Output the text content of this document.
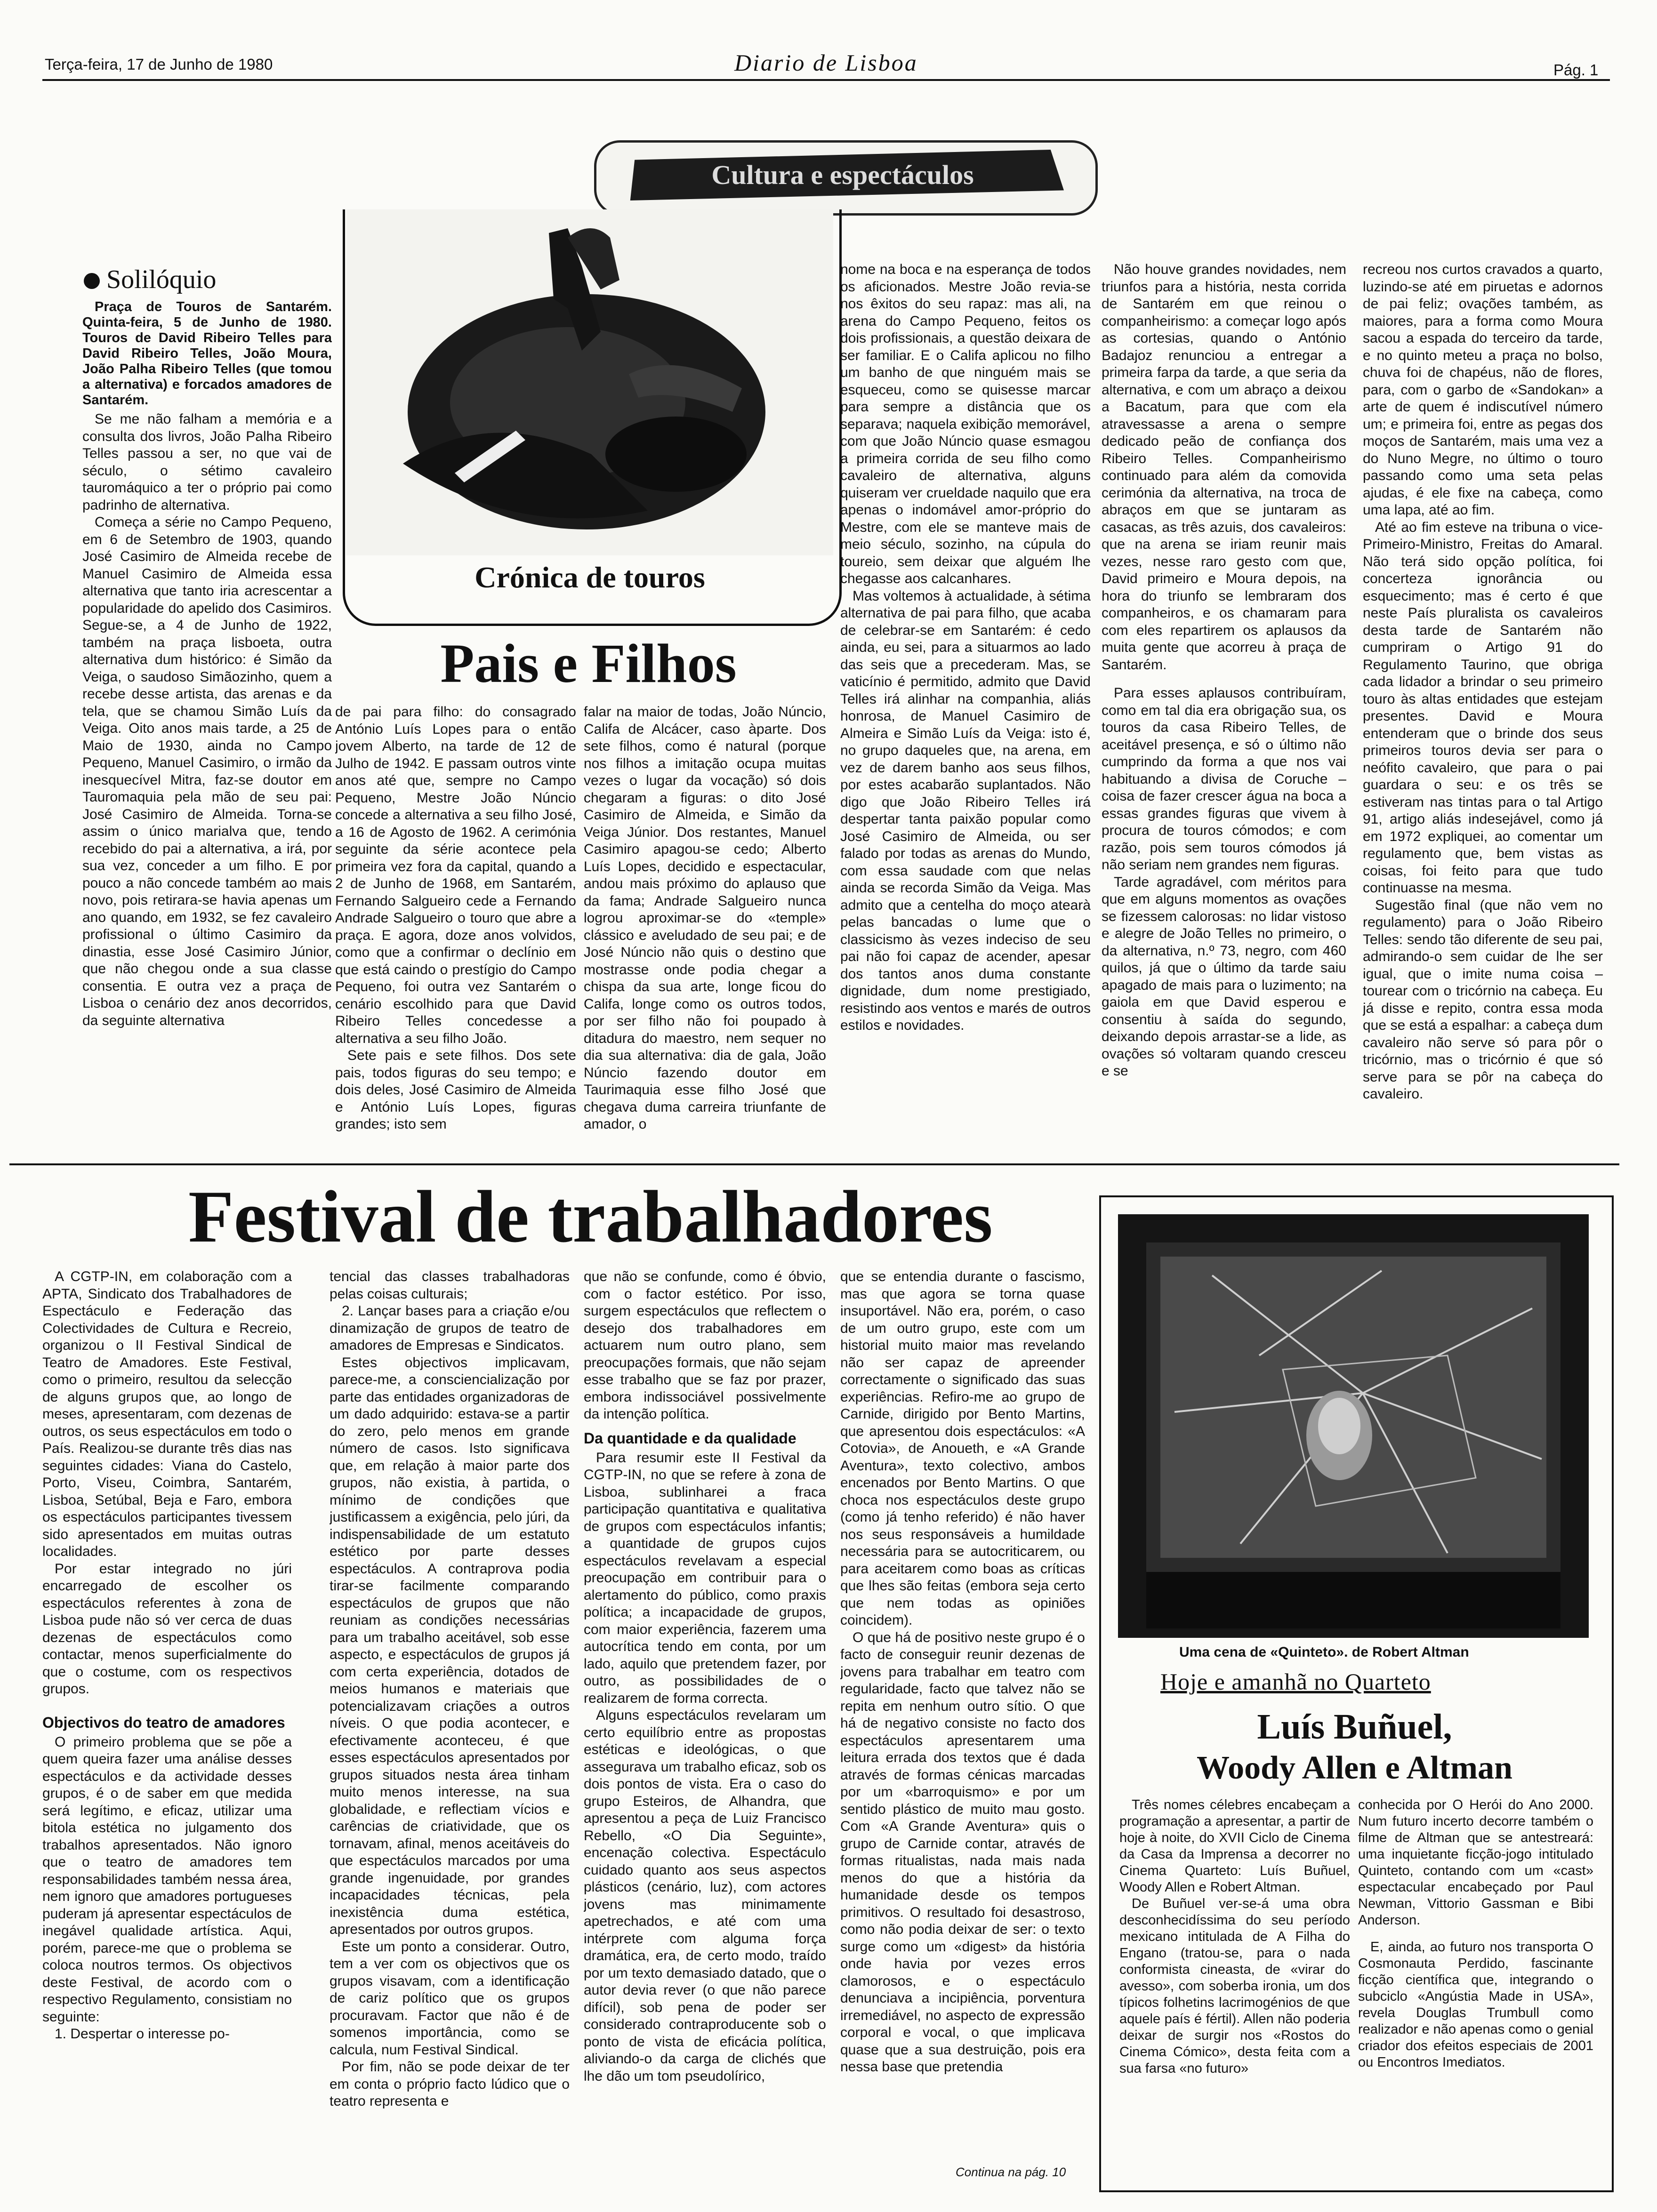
Terça-feira, 17 de Junho de 1980	Diario de Lisboa	Pág. 1
Cultura e espectáculos
Crónica de touros
Pais e Filhos
Solilóquio

Praça de Touros de Santarém. Quinta-feira, 5 de Junho de 1980. Touros de David Ribeiro Telles para David Ribeiro Telles, João Moura, João Palha Ribeiro Telles (que tomou a alternativa) e forcados amadores de Santarém.

Se me não falham a memória e a consulta dos livros, João Palha Ribeiro Telles passou a ser, no que vai de século, o sétimo cavaleiro tauromáquico a ter o próprio pai como padrinho de alternativa.

Começa a série no Campo Pequeno, em 6 de Setembro de 1903, quando José Casimiro de Almeida recebe de Manuel Casimiro de Almeida essa alternativa que tanto iria acrescentar a popularidade do apelido dos Casimiros. Segue-se, a 4 de Junho de 1922, também na praça lisboeta, outra alternativa dum histórico: é Simão da Veiga, o saudoso Simãozinho, quem a recebe desse artista, das arenas e da tela, que se chamou Simão Luís da Veiga. Oito anos mais tarde, a 25 de Maio de 1930, ainda no Campo Pequeno, Manuel Casimiro, o irmão da inesquecível Mitra, faz-se doutor em Tauromaquia pela mão de seu pai: José Casimiro de Almeida. Torna-se assim o único marialva que, tendo recebido do pai a alternativa, a irá, por sua vez, conceder a um filho. E por pouco a não concede também ao mais novo, pois retirara-se havia apenas um ano quando, em 1932, se fez cavaleiro profissional o último Casimiro da dinastia, esse José Casimiro Júnior, que não chegou onde a sua classe consentia. E outra vez a praça de Lisboa o cenário dez anos decorridos, da seguinte alternativa

de pai para filho: do consagrado António Luís Lopes para o então jovem Alberto, na tarde de 12 de Julho de 1942. E passam outros vinte anos até que, sempre no Campo Pequeno, Mestre João Núncio concede a alternativa a seu filho José, a 16 de Agosto de 1962. A cerimónia seguinte da série acontece pela primeira vez fora da capital, quando a 2 de Junho de 1968, em Santarém, Fernando Salgueiro cede a Fernando Andrade Salgueiro o touro que abre a praça. E agora, doze anos volvidos, como que a confirmar o declínio em que está caindo o prestígio do Campo Pequeno, foi outra vez Santarém o cenário escolhido para que David Ribeiro Telles concedesse a alternativa a seu filho João.

Sete pais e sete filhos. Dos sete pais, todos figuras do seu tempo; e dois deles, José Casimiro de Almeida e António Luís Lopes, figuras grandes; isto sem

falar na maior de todas, João Núncio, Califa de Alcácer, caso àparte. Dos sete filhos, como é natural (porque nos filhos a imitação ocupa muitas vezes o lugar da vocação) só dois chegaram a figuras: o dito José Casimiro de Almeida, e Simão da Veiga Júnior. Dos restantes, Manuel Casimiro apagou-se cedo; Alberto Luís Lopes, decidido e espectacular, andou mais próximo do aplauso que da fama; Andrade Salgueiro nunca logrou aproximar-se do «temple» clássico e aveludado de seu pai; e de José Núncio não quis o destino que mostrasse onde podia chegar a chispa da sua arte, longe ficou do Califa, longe como os outros todos, por ser filho não foi poupado à ditadura do maestro, nem sequer no dia sua alternativa: dia de gala, João Núncio fazendo doutor em Taurimaquia esse filho José que chegava duma carreira triunfante de amador, o

nome na boca e na esperança de todos os aficionados. Mestre João revia-se nos êxitos do seu rapaz: mas ali, na arena do Campo Pequeno, feitos os dois profissionais, a questão deixara de ser familiar. E o Califa aplicou no filho um banho de que ninguém mais se esqueceu, como se quisesse marcar para sempre a distância que os separava; naquela exibição memorável, com que João Núncio quase esmagou a primeira corrida de seu filho como cavaleiro de alternativa, alguns quiseram ver crueldade naquilo que era apenas o indomável amor-próprio do Mestre, com ele se manteve mais de meio século, sozinho, na cúpula do toureio, sem deixar que alguém lhe chegasse aos calcanhares.

Mas voltemos à actualidade, à sétima alternativa de pai para filho, que acaba de celebrar-se em Santarém: é cedo ainda, eu sei, para a situarmos ao lado das seis que a precederam. Mas, se vaticínio é permitido, admito que David Telles irá alinhar na companhia, aliás honrosa, de Manuel Casimiro de Almeira e Simão Luís da Veiga: isto é, no grupo daqueles que, na arena, em vez de darem banho aos seus filhos, por estes acabarão suplantados. Não digo que João Ribeiro Telles irá despertar tanta paixão popular como José Casimiro de Almeida, ou ser falado por todas as arenas do Mundo, com essa saudade com que nelas ainda se recorda Simão da Veiga. Mas admito que a centelha do moço atearà pelas bancadas o lume que o classicismo às vezes indeciso de seu pai não foi capaz de acender, apesar dos tantos anos duma constante dignidade, dum nome prestigiado, resistindo aos ventos e marés de outros estilos e novidades.

Não houve grandes novidades, nem triunfos para a história, nesta corrida de Santarém em que reinou o companheirismo: a começar logo após as cortesias, quando o António Badajoz renunciou a entregar a primeira farpa da tarde, a que seria da alternativa, e com um abraço a deixou a Bacatum, para que com ela atravessasse a arena o sempre dedicado peão de confiança dos Ribeiro Telles. Companheirismo continuado para além da comovida cerimónia da alternativa, na troca de abraços em que se juntaram as casacas, as três azuis, dos cavaleiros: que na arena se iriam reunir mais vezes, nesse raro gesto com que, David primeiro e Moura depois, na hora do triunfo se lembraram dos companheiros, e os chamaram para com eles repartirem os aplausos da muita gente que acorreu à praça de Santarém.

Para esses aplausos contribuíram, como em tal dia era obrigação sua, os touros da casa Ribeiro Telles, de aceitável presença, e só o último não cumprindo da forma a que nos vai habituando a divisa de Coruche – coisa de fazer crescer água na boca a essas grandes figuras que vivem à procura de touros cómodos; e com razão, pois sem touros cómodos já não seriam nem grandes nem figuras.

Tarde agradável, com méritos para que em alguns momentos as ovações se fizessem calorosas: no lidar vistoso e alegre de João Telles no primeiro, o da alternativa, n.º 73, negro, com 460 quilos, já que o último da tarde saiu apagado de mais para o luzimento; na gaiola em que David esperou e consentiu à saída do segundo, deixando depois arrastar-se a lide, as ovações só voltaram quando cresceu e se

recreou nos curtos cravados a quarto, luzindo-se até em piruetas e adornos de pai feliz; ovações também, as maiores, para a forma como Moura sacou a espada do terceiro da tarde, e no quinto meteu a praça no bolso, chuva foi de chapéus, não de flores, para, com o garbo de «Sandokan» a arte de quem é indiscutível número um; e primeira foi, entre as pegas dos moços de Santarém, mais uma vez a do Nuno Megre, no último o touro passando como uma seta pelas ajudas, é ele fixe na cabeça, como uma lapa, até ao fim.

Até ao fim esteve na tribuna o vice-Primeiro-Ministro, Freitas do Amaral. Não terá sido opção política, foi concerteza ignorância ou esquecimento; mas é certo é que neste País pluralista os cavaleiros desta tarde de Santarém não cumpriram o Artigo 91 do Regulamento Taurino, que obriga cada lidador a brindar o seu primeiro touro às altas entidades que estejam presentes. David e Moura entenderam que o brinde dos seus primeiros touros devia ser para o neófito cavaleiro, que para o pai guardara o seu: e os três se estiveram nas tintas para o tal Artigo 91, artigo aliás indesejável, como já em 1972 expliquei, ao comentar um regulamento que, bem vistas as coisas, foi feito para que tudo continuasse na mesma.

Sugestão final (que não vem no regulamento) para o João Ribeiro Telles: sendo tão diferente de seu pai, admirando-o sem cuidar de lhe ser igual, que o imite numa coisa – tourear com o tricórnio na cabeça. Eu já disse e repito, contra essa moda que se está a espalhar: a cabeça dum cavaleiro não serve só para pôr o tricórnio, mas o tricórnio é que só serve para se pôr na cabeça do cavaleiro.

Festival de trabalhadores

A CGTP-IN, em colaboração com a APTA, Sindicato dos Trabalhadores de Espectáculo e Federação das Colectividades de Cultura e Recreio, organizou o II Festival Sindical de Teatro de Amadores. Este Festival, como o primeiro, resultou da selecção de alguns grupos que, ao longo de meses, apresentaram, com dezenas de outros, os seus espectáculos em todo o País. Realizou-se durante três dias nas seguintes cidades: Viana do Castelo, Porto, Viseu, Coimbra, Santarém, Lisboa, Setúbal, Beja e Faro, embora os espectáculos participantes tivessem sido apresentados em muitas outras localidades.

Por estar integrado no júri encarregado de escolher os espectáculos referentes à zona de Lisboa pude não só ver cerca de duas dezenas de espectáculos como contactar, menos superficialmente do que o costume, com os respectivos grupos.

Objectivos do teatro de amadores

O primeiro problema que se põe a quem queira fazer uma análise desses espectáculos e da actividade desses grupos, é o de saber em que medida será legítimo, e eficaz, utilizar uma bitola estética no julgamento dos trabalhos apresentados. Não ignoro que o teatro de amadores tem responsabilidades também nessa área, nem ignoro que amadores portugueses puderam já apresentar espectáculos de inegável qualidade artística. Aqui, porém, parece-me que o problema se coloca noutros termos. Os objectivos deste Festival, de acordo com o respectivo Regulamento, consistiam no seguinte:

1. Despertar o interesse po-

tencial das classes trabalhadoras pelas coisas culturais;

2. Lançar bases para a criação e/ou dinamização de grupos de teatro de amadores de Empresas e Sindicatos.

Estes objectivos implicavam, parece-me, a consciencialização por parte das entidades organizadoras de um dado adquirido: estava-se a partir do zero, pelo menos em grande número de casos. Isto significava que, em relação à maior parte dos grupos, não existia, à partida, o mínimo de condições que justificassem a exigência, pelo júri, da indispensabilidade de um estatuto estético por parte desses espectáculos. A contraprova podia tirar-se facilmente comparando espectáculos de grupos que não reuniam as condições necessárias para um trabalho aceitável, sob esse aspecto, e espectáculos de grupos já com certa experiência, dotados de meios humanos e materiais que potencializavam criações a outros níveis. O que podia acontecer, e efectivamente aconteceu, é que esses espectáculos apresentados por grupos situados nesta área tinham muito menos interesse, na sua globalidade, e reflectiam vícios e carências de criatividade, que os tornavam, afinal, menos aceitáveis do que espectáculos marcados por uma grande ingenuidade, por grandes incapacidades técnicas, pela inexistência duma estética, apresentados por outros grupos.

Este um ponto a considerar. Outro, tem a ver com os objectivos que os grupos visavam, com a identificação de cariz político que os grupos procuravam. Factor que não é de somenos importância, como se calcula, num Festival Sindical.

Por fim, não se pode deixar de ter em conta o próprio facto lúdico que o teatro representa e

que não se confunde, como é óbvio, com o factor estético. Por isso, surgem espectáculos que reflectem o desejo dos trabalhadores em actuarem num outro plano, sem preocupações formais, que não sejam esse trabalho que se faz por prazer, embora indissociável possivelmente da intenção política.

Da quantidade e da qualidade

Para resumir este II Festival da CGTP-IN, no que se refere à zona de Lisboa, sublinharei a fraca participação quantitativa e qualitativa de grupos com espectáculos infantis; a quantidade de grupos cujos espectáculos revelavam a especial preocupação em contribuir para o alertamento do público, como praxis política; a incapacidade de grupos, com maior experiência, fazerem uma autocrítica tendo em conta, por um lado, aquilo que pretendem fazer, por outro, as possibilidades de o realizarem de forma correcta.

Alguns espectáculos revelaram um certo equilíbrio entre as propostas estéticas e ideológicas, o que assegurava um trabalho eficaz, sob os dois pontos de vista. Era o caso do grupo Esteiros, de Alhandra, que apresentou a peça de Luiz Francisco Rebello, «O Dia Seguinte», encenação colectiva. Espectáculo cuidado quanto aos seus aspectos plásticos (cenário, luz), com actores jovens mas minimamente apetrechados, e até com uma intérprete com alguma força dramática, era, de certo modo, traído por um texto demasiado datado, que o autor devia rever (o que não parece difícil), sob pena de poder ser considerado contraproducente sob o ponto de vista de eficácia política, aliviando-o da carga de clichés que lhe dão um tom pseudolírico,

que se entendia durante o fascismo, mas que agora se torna quase insuportável. Não era, porém, o caso de um outro grupo, este com um historial muito maior mas revelando não ser capaz de apreender correctamente o significado das suas experiências. Refiro-me ao grupo de Carnide, dirigido por Bento Martins, que apresentou dois espectáculos: «A Cotovia», de Anoueth, e «A Grande Aventura», texto colectivo, ambos encenados por Bento Martins. O que choca nos espectáculos deste grupo (como já tenho referido) é não haver nos seus responsáveis a humildade necessária para se autocriticarem, ou para aceitarem como boas as críticas que lhes são feitas (embora seja certo que nem todas as opiniões coincidem).

O que há de positivo neste grupo é o facto de conseguir reunir dezenas de jovens para trabalhar em teatro com regularidade, facto que talvez não se repita em nenhum outro sítio. O que há de negativo consiste no facto dos espectáculos apresentarem uma leitura errada dos textos que é dada através de formas cénicas marcadas por um «barroquismo» e por um sentido plástico de muito mau gosto. Com «A Grande Aventura» quis o grupo de Carnide contar, através de formas ritualistas, nada mais nada menos do que a história da humanidade desde os tempos primitivos. O resultado foi desastroso, como não podia deixar de ser: o texto surge como um «digest» da história onde havia por vezes erros clamorosos, e o espectáculo denunciava a incipiência, porventura irremediável, no aspecto de expressão corporal e vocal, o que implicava quase que a sua destruição, pois era nessa base que pretendia

Continua na pág. 10
Uma cena de «Quinteto». de Robert Altman
Hoje e amanhã no Quarteto
Luís Buñuel,
Woody Allen e Altman

Três nomes célebres encabeçam a programação a apresentar, a partir de hoje à noite, do XVII Ciclo de Cinema da Casa da Imprensa a decorrer no Cinema Quarteto: Luís Buñuel, Woody Allen e Robert Altman.

De Buñuel ver-se-á uma obra desconhecidíssima do seu período mexicano intitulada de A Filha do Engano (tratou-se, para o nada conformista cineasta, de «virar do avesso», com soberba ironia, um dos típicos folhetins lacrimogénios de que aquele país é fértil). Allen não poderia deixar de surgir nos «Rostos do Cinema Cómico», desta feita com a sua farsa «no futuro»

conhecida por O Herói do Ano 2000. Num futuro incerto decorre também o filme de Altman que se antestreará: uma inquietante ficção-jogo intitulado Quinteto, contando com um «cast» espectacular encabeçado por Paul Newman, Vittorio Gassman e Bibi Anderson.

E, ainda, ao futuro nos transporta O Cosmonauta Perdido, fascinante ficção científica que, integrando o subciclo «Angústia Made in USA», revela Douglas Trumbull como realizador e não apenas como o genial criador dos efeitos especiais de 2001 ou Encontros Imediatos.
